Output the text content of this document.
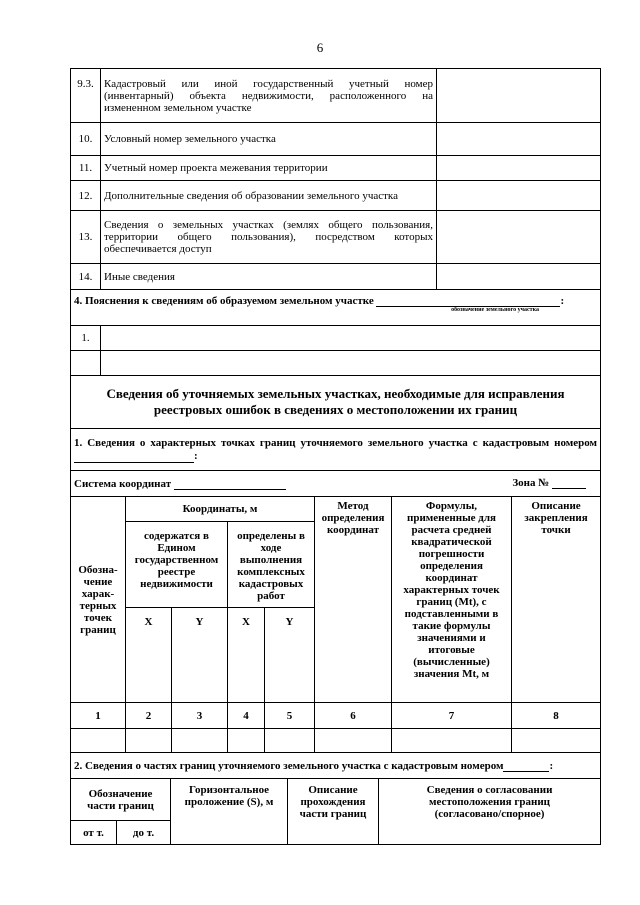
6
9.3.	Кадастровый или иной государственный учетный номер (инвентарный) объекта недвижимости, расположенного на измененном земельном участке	
10.	Условный номер земельного участка	
11.	Учетный номер проекта межевания территории	
12.	Дополнительные сведения об образовании земельного участка	
13.	Сведения о земельных участках (землях общего пользования, территории общего пользования), посредством которых обеспечивается доступ	
14.	Иные сведения	
4. Пояснения к сведениям об образуемом земельном участке :
обозначение земельного участка	

1.	

Сведения об уточняемых земельных участках, необходимые для исправления реестровых ошибок в сведениях о местоположении их границ							
1. Сведения о характерных точках границ уточняемого земельного участка с кадастровым номером :							
Система координат Зона №							

Обозна-чение харак-терных точек границ	Координаты, м				Метод определения координат	Формулы, примененные для расчета средней квадратической погрешности определения координат характерных точек границ (Mt), с подставленными в такие формулы значениями и итоговые (вычисленные) значения Mt, м	Описание закрепления точки
	содержатся в Едином государственном реестре недвижимости		определены в ходе выполнения комплексных кадастровых работ				
	X	Y	X	Y			
1	2	3	4	5	6	7	8

2. Сведения о частях границ уточняемого земельного участка с кадастровым номером :				
Обозначение части границ		Горизонтальное проложение (S), м	Описание прохождения части границ	Сведения о согласовании местоположения границ (согласовано/спорное)
от т.	до т.			
